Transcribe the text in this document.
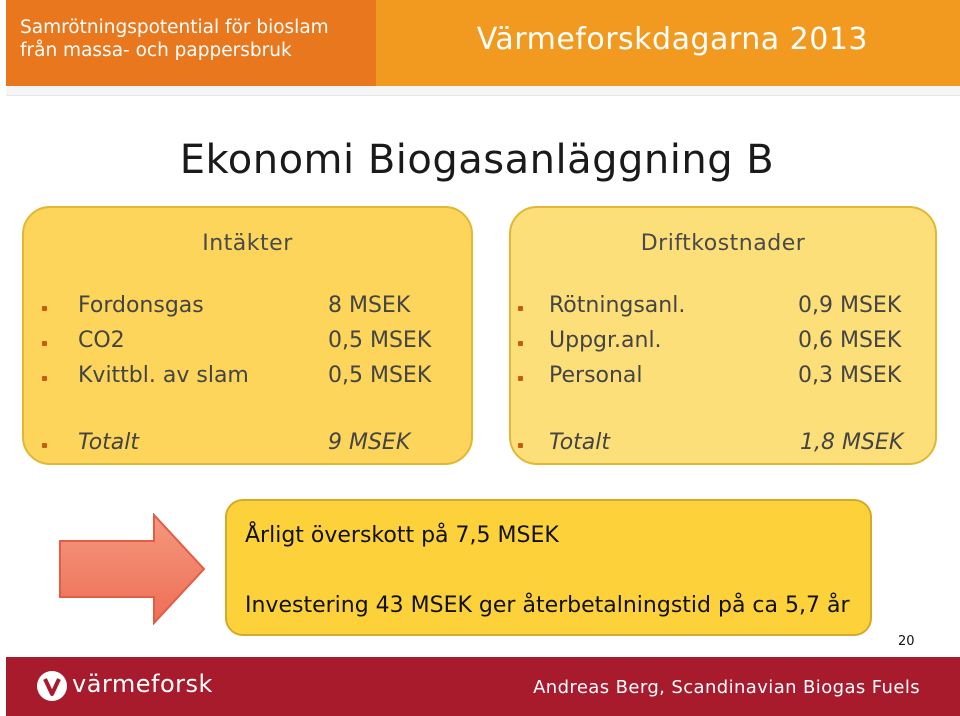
Samrötningspotential för bioslam
från massa- och pappersbruk	Värmeforskdagarna 2013
Ekonomi Biogasanläggning B
Intäkter
Fordonsgas	8 MSEK
CO2	0,5 MSEK
Kvittbl. av slam	0,5 MSEK
Totalt	9 MSEK
Driftkostnader
Rötningsanl.	0,9 MSEK
Uppgr.anl.	0,6 MSEK
Personal	0,3 MSEK
Totalt	1,8 MSEK
Årligt överskott på 7,5 MSEK
Investering 43 MSEK ger återbetalningstid på ca 5,7 år
20
värmeforsk	Andreas Berg, Scandinavian Biogas Fuels
